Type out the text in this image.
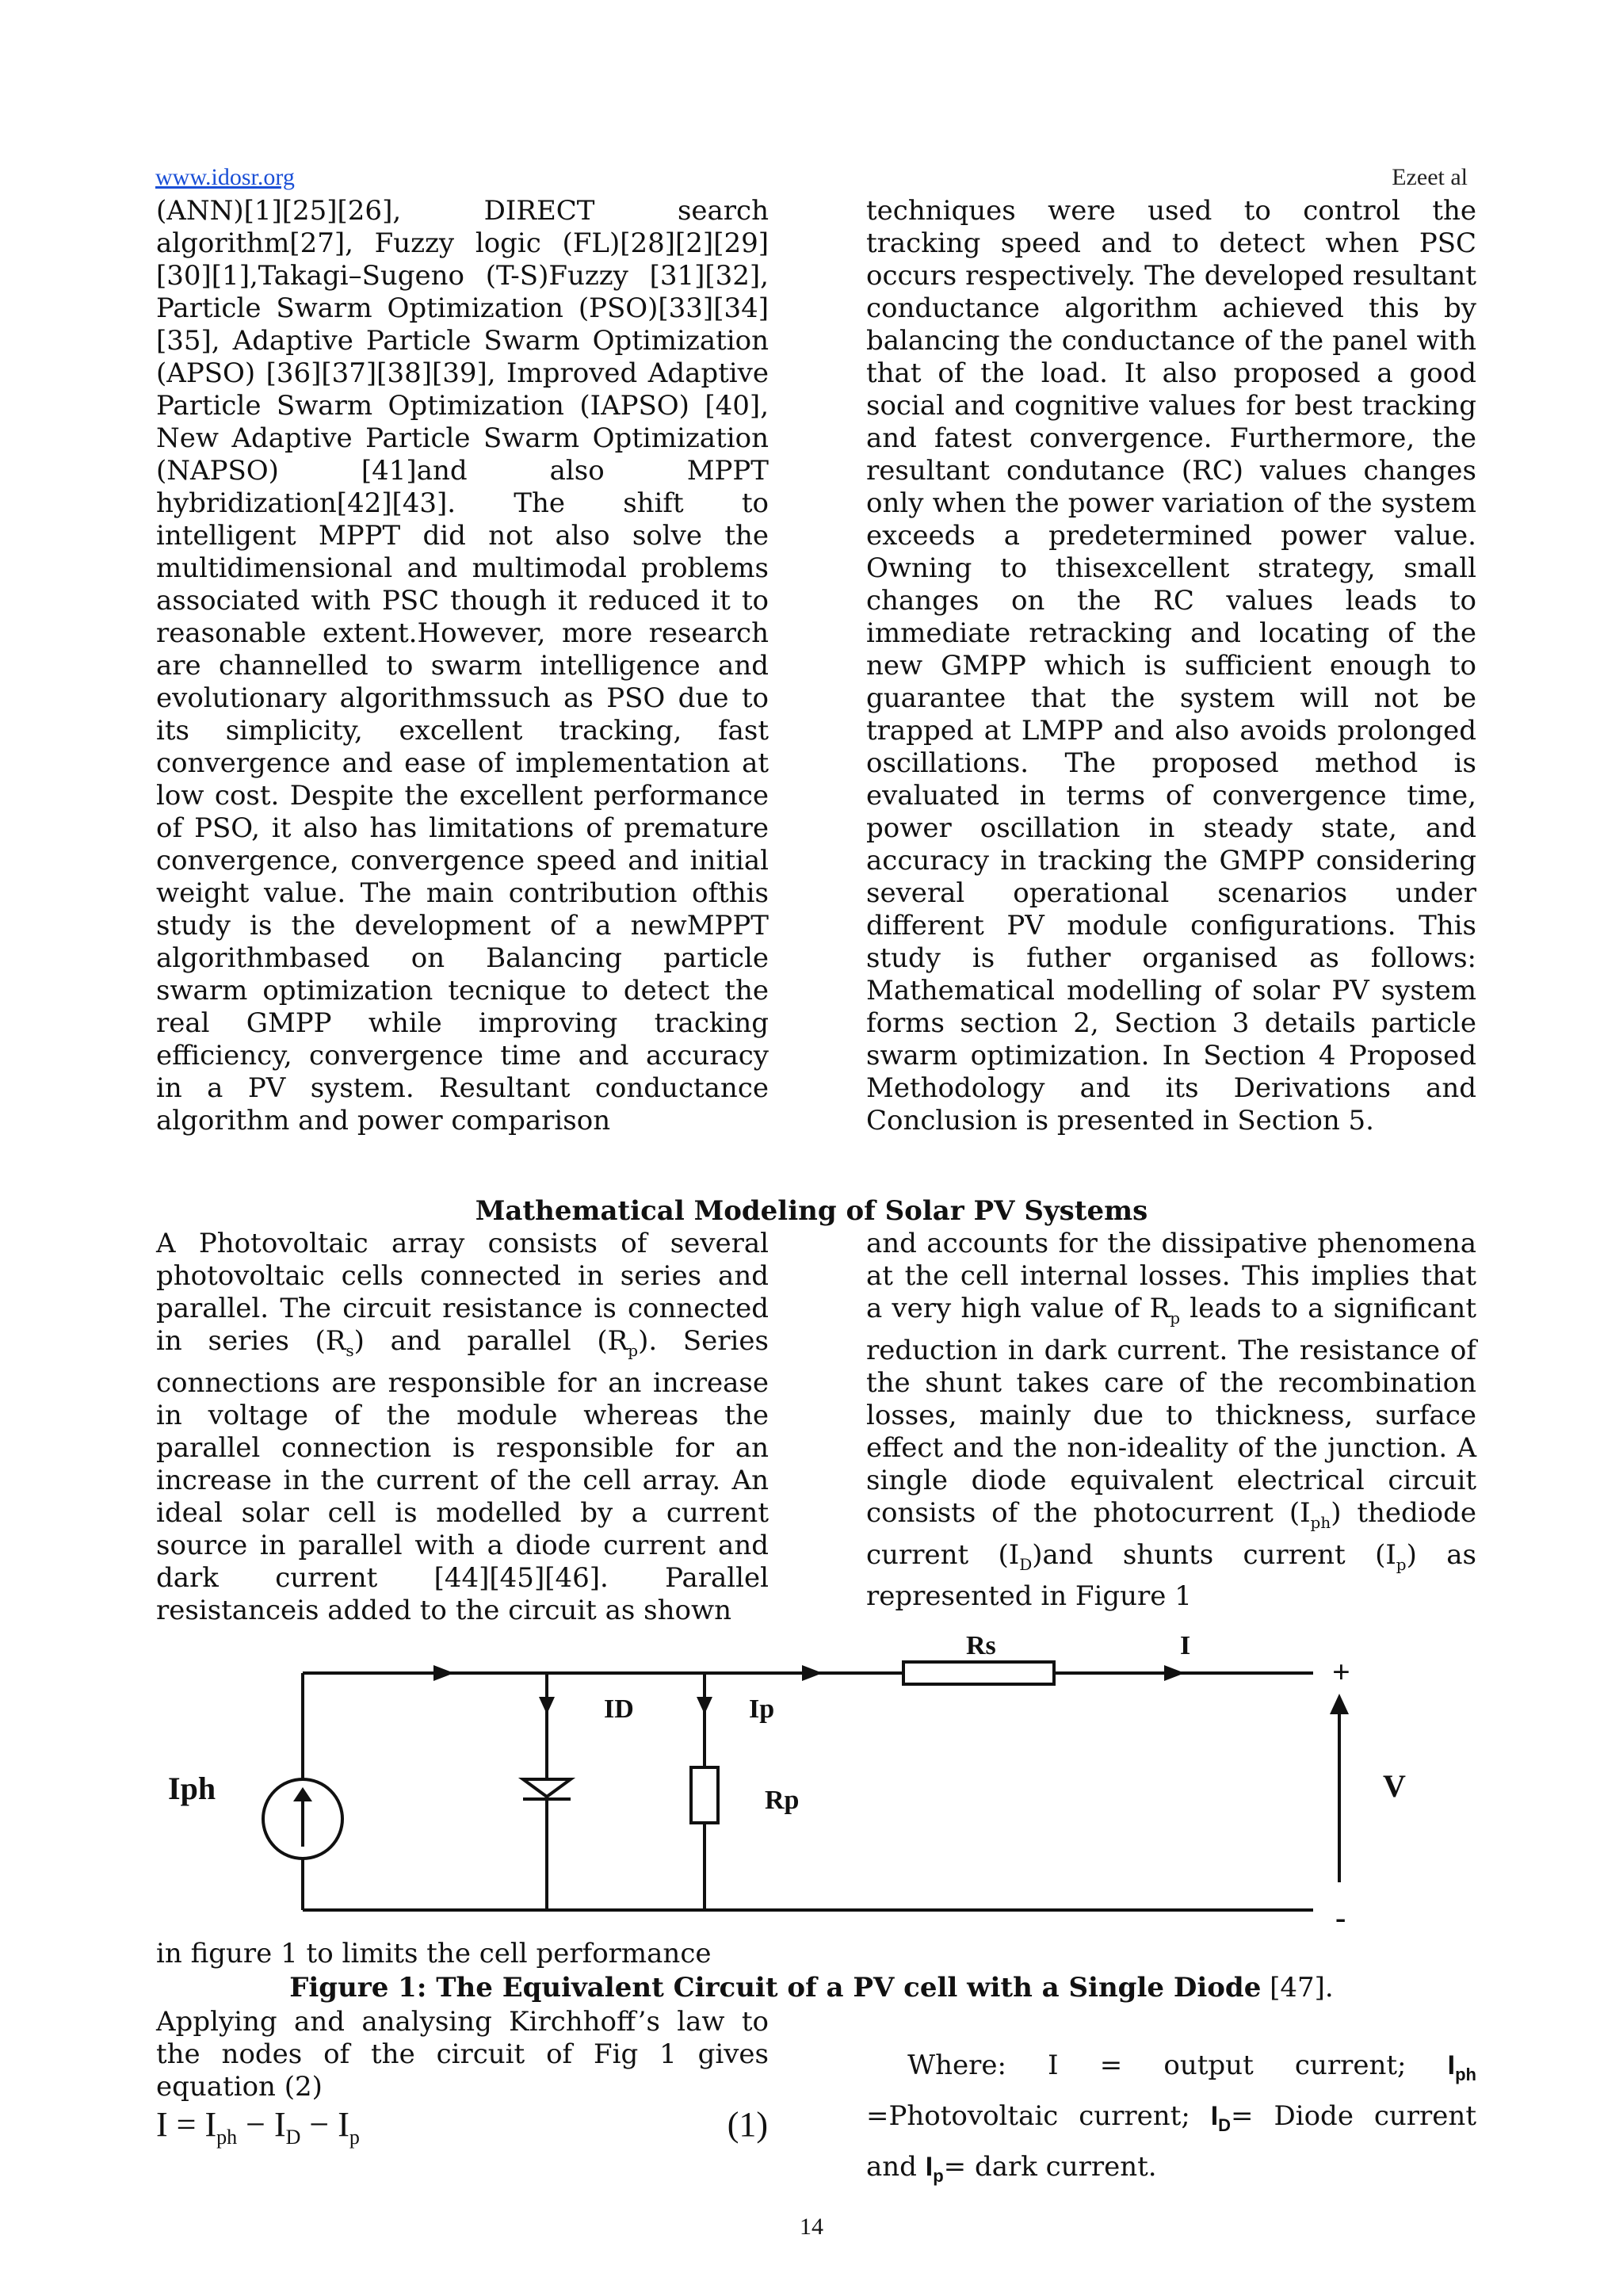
www.idosr.org	Ezeet al

(ANN)[1][25][26], DIRECT search algorithm[27], Fuzzy logic (FL)[28][2][29][30][1],Takagi–Sugeno (T-S)Fuzzy [31][32], Particle Swarm Optimization (PSO)[33][34][35], Adaptive Particle Swarm Optimization (APSO) [36][37][38][39], Improved Adaptive Particle Swarm Optimization (IAPSO) [40], New Adaptive Particle Swarm Optimization (NAPSO) [41]and also MPPT hybridization[42][43]. The shift to intelligent MPPT did not also solve the multidimensional and multimodal problems associated with PSC though it reduced it to reasonable extent.However, more research are channelled to swarm intelligence and evolutionary algorithmssuch as PSO due to its simplicity, excellent tracking, fast convergence and ease of implementation at low cost. Despite the excellent performance of PSO, it also has limitations of premature convergence, convergence speed and initial weight value. The main contribution ofthis study is the development of a newMPPT algorithmbased on Balancing particle swarm optimization tecnique to detect the real GMPP while improving tracking efficiency, convergence time and accuracy in a PV system. Resultant conductance algorithm and power comparison

techniques were used to control the tracking speed and to detect when PSC occurs respectively. The developed resultant conductance algorithm achieved this by balancing the conductance of the panel with that of the load. It also proposed a good social and cognitive values for best tracking and fatest convergence. Furthermore, the resultant condutance (RC) values changes only when the power variation of the system exceeds a predetermined power value. Owning to thisexcellent strategy, small changes on the RC values leads to immediate retracking and locating of the new GMPP which is sufficient enough to guarantee that the system will not be trapped at LMPP and also avoids prolonged oscillations. The proposed method is evaluated in terms of convergence time, power oscillation in steady state, and accuracy in tracking the GMPP considering several operational scenarios under different PV module configurations. This study is futher organised as follows: Mathematical modelling of solar PV system forms section 2, Section 3 details particle swarm optimization. In Section 4 Proposed Methodology and its Derivations and Conclusion is presented in Section 5.

Mathematical Modeling of Solar PV Systems

A Photovoltaic array consists of several photovoltaic cells connected in series and parallel. The circuit resistance is connected in series $(R_s)$ and parallel $(R_p)$. Series connections are responsible for an increase in voltage of the module whereas the parallel connection is responsible for an increase in the current of the cell array. An ideal solar cell is modelled by a current source in parallel with a diode current and dark current [44][45][46]. Parallel resistanceis added to the circuit as shown

and accounts for the dissipative phenomena at the cell internal losses. This implies that a very high value of $R_p$ leads to a significant reduction in dark current. The resistance of the shunt takes care of the recombination losses, mainly due to thickness, surface effect and the non-ideality of the junction. A single diode equivalent electrical circuit consists of the photocurrent $(I_{ph})$ thediode current $(I_D)and$ shunts current $(I_p)$ as represented in Figure 1

Iph
ID	Ip
Rp
Rs	I
+
-
V
in figure 1 to limits the cell performance
Figure 1: The Equivalent Circuit of a PV cell with a Single Diode [47].

Applying and analysing Kirchhoff’s law to the nodes of the circuit of Fig 1 gives equation (2)

$I = I_{ph} - I_D - I_p$	(1)
Where: I = output current; $I_{ph}$ =Photovoltaic current; $I_D=$ Diode current and $I_p=$ dark current.
14
